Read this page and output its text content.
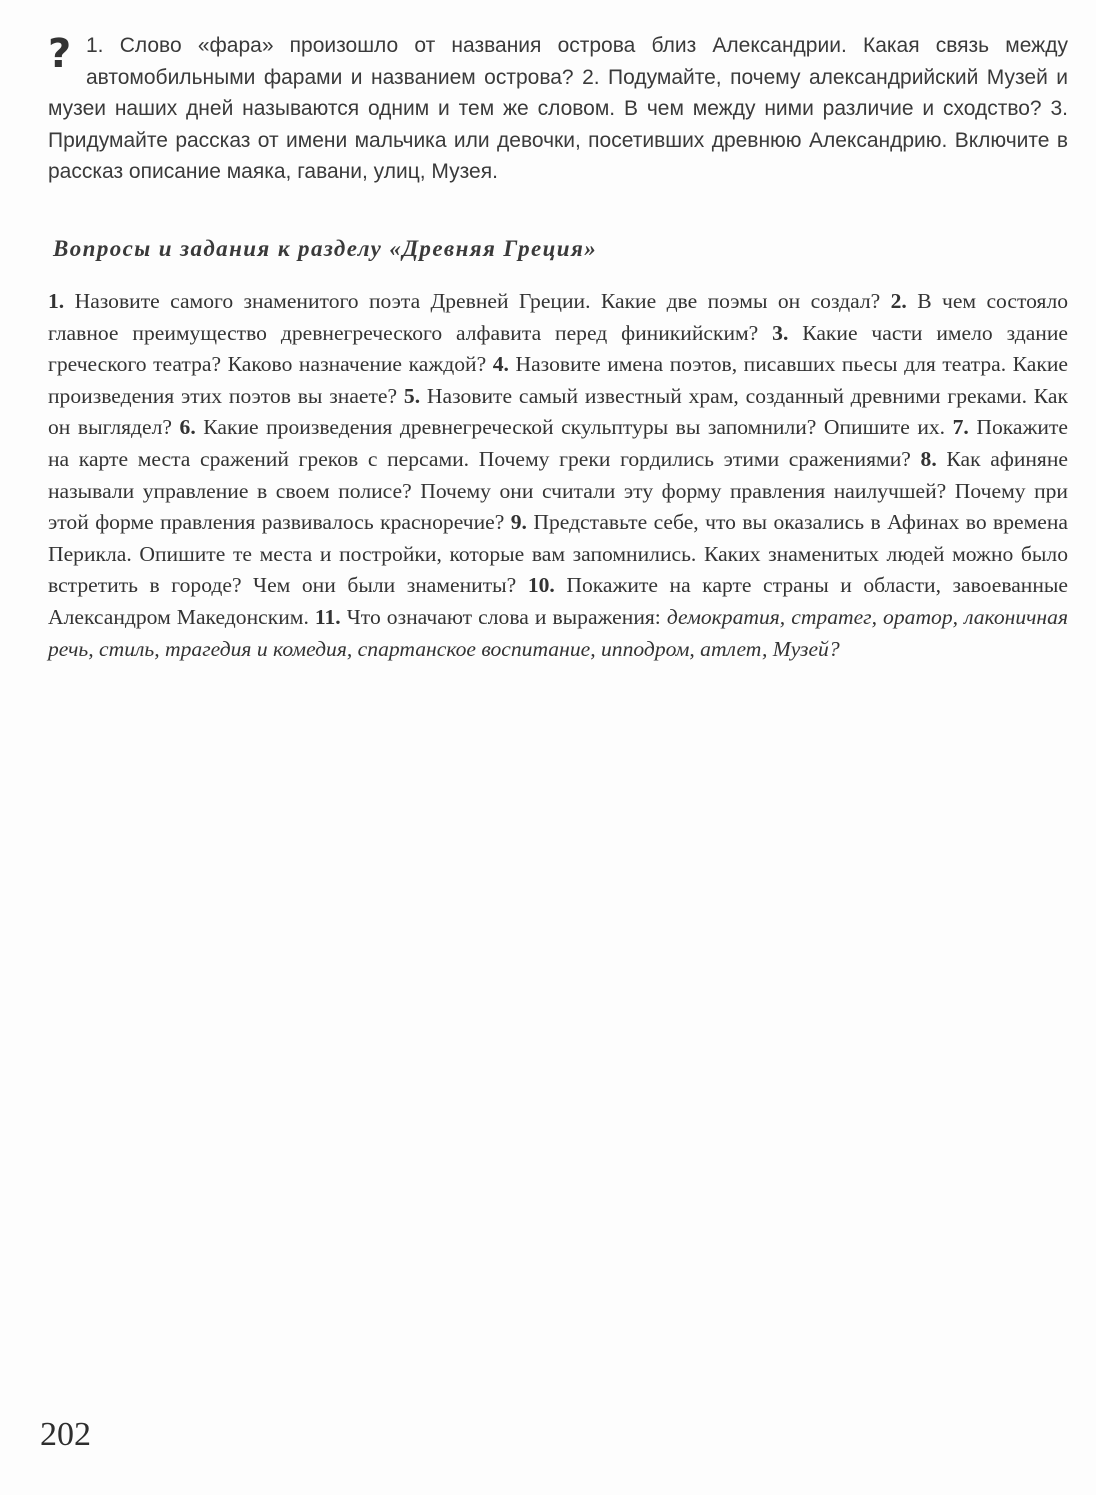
? 1. Слово «фара» произошло от названия острова близ Александрии. Какая связь между автомобильными фарами и названием острова? 2. Подумайте, почему александрийский Музей и музеи наших дней называются одним и тем же словом. В чем между ними различие и сходство? 3. Придумайте рассказ от имени мальчика или девочки, посетивших древнюю Александрию. Включите в рассказ описание маяка, гавани, улиц, Музея.
Вопросы и задания к разделу «Древняя Греция»
1. Назовите самого знаменитого поэта Древней Греции. Какие две поэмы он создал? 2. В чем состояло главное преимущество древнегреческого алфавита перед финикийским? 3. Какие части имело здание греческого театра? Каково назначение каждой? 4. Назовите имена поэтов, писавших пьесы для театра. Какие произведения этих поэтов вы знаете? 5. Назовите самый известный храм, созданный древними греками. Как он выглядел? 6. Какие произведения древнегреческой скульптуры вы запомнили? Опишите их. 7. Покажите на карте места сражений греков с персами. Почему греки гордились этими сражениями? 8. Как афиняне называли управление в своем полисе? Почему они считали эту форму правления наилучшей? Почему при этой форме правления развивалось красноречие? 9. Представьте себе, что вы оказались в Афинах во времена Перикла. Опишите те места и постройки, которые вам запомнились. Каких знаменитых людей можно было встретить в городе? Чем они были знамениты? 10. Покажите на карте страны и области, завоеванные Александром Македонским. 11. Что означают слова и выражения: демократия, стратег, оратор, лаконичная речь, стиль, трагедия и комедия, спартанское воспитание, ипподром, атлет, Музей?
202
